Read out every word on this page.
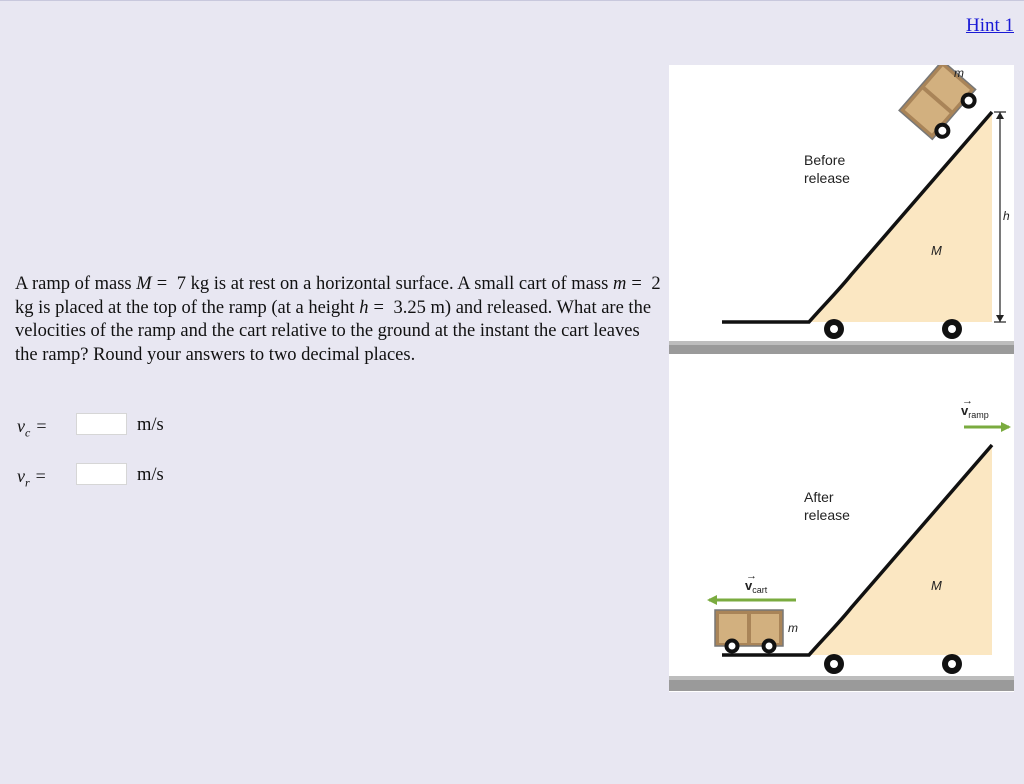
Hint 1
A ramp of mass M = 7 kg is at rest on a horizontal surface. A small cart of mass m = 2 kg is placed at the top of the ramp (at a height h = 3.25 m) and released. What are the velocities of the ramp and the cart relative to the ground at the instant the cart leaves the ramp? Round your answers to two decimal places.
$v_c$ =	m/s
$v_r$ =	m/s
h
m
Before
release
M
$v_{ramp}$
→
$v_{cart}$
→
After
release
M
m
